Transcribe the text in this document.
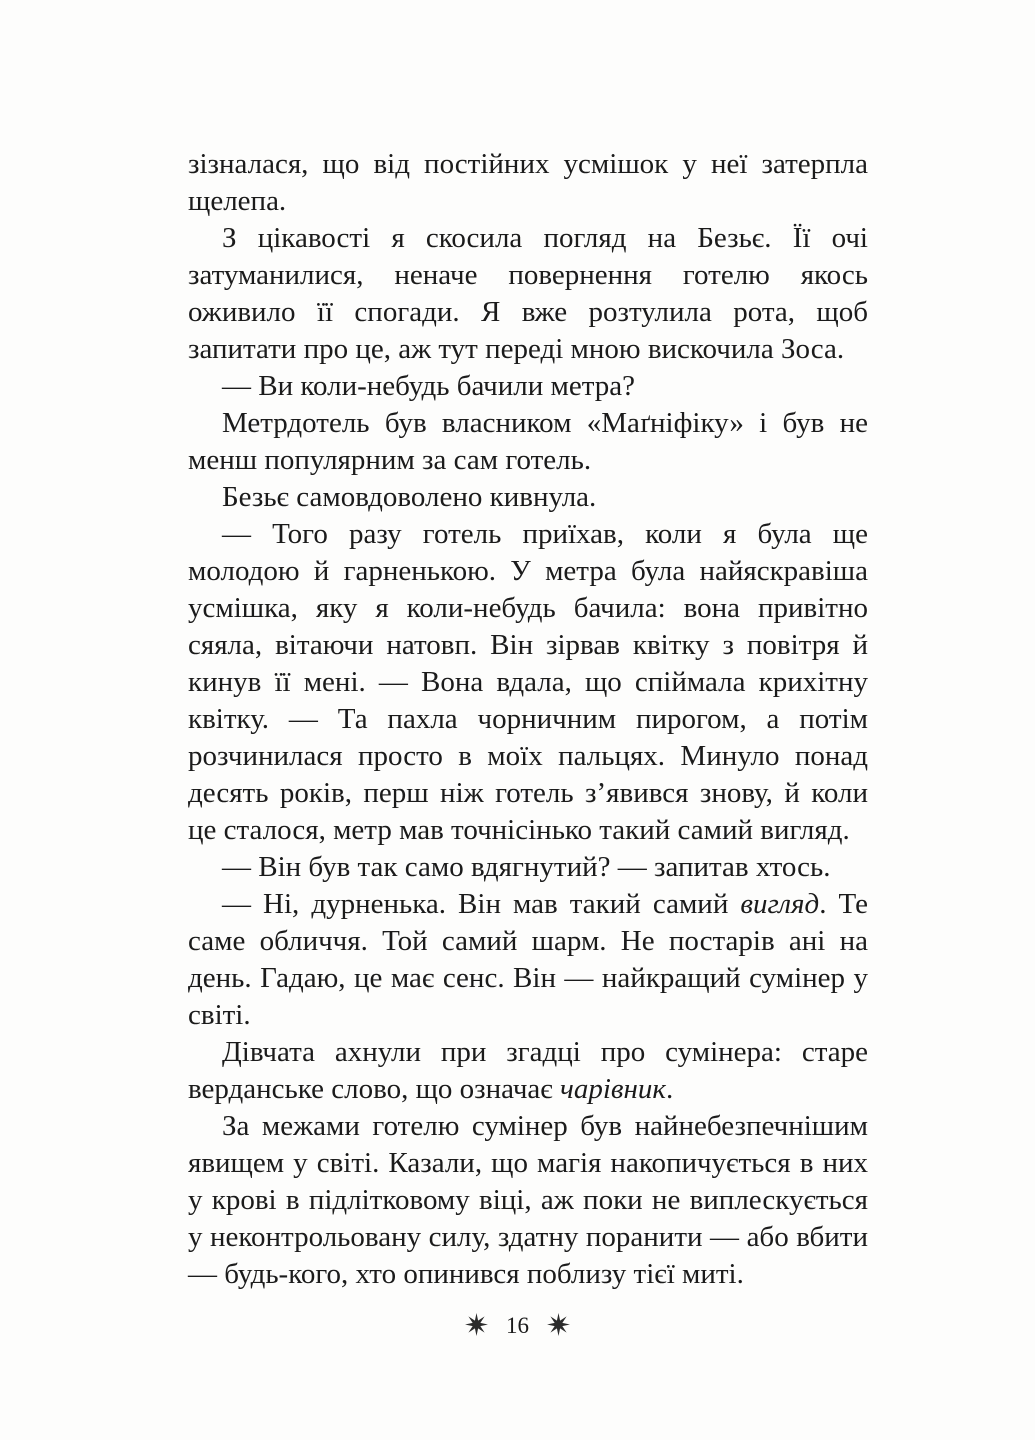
зізналася, що від постійних усмішок у неї затерпла щелепа.

З цікавості я скосила погляд на Безьє. Її очі затуманилися, неначе повернення готелю якось оживило її спогади. Я вже розтулила рота, щоб запитати про це, аж тут переді мною вискочила Зоса.

— Ви коли-небудь бачили метра?

Метрдотель був власником «Маґніфіку» і був не менш популярним за сам готель.

Безьє самовдоволено кивнула.

— Того разу готель приїхав, коли я була ще молодою й гарненькою. У метра була найяскравіша усмішка, яку я коли-небудь бачила: вона привітно сяяла, вітаючи натовп. Він зірвав квітку з повітря й кинув її мені. — Вона вдала, що спіймала крихітну квітку. — Та пахла чорничним пирогом, а потім розчинилася просто в моїх пальцях. Минуло понад десять років, перш ніж готель з’явився знову, й коли це сталося, метр мав точнісінько такий самий вигляд.

— Він був так само вдягнутий? — запитав хтось.

— Ні, дурненька. Він мав такий самий вигляд. Те саме обличчя. Той самий шарм. Не постарів ані на день. Гадаю, це має сенс. Він — найкращий сумінер у світі.

Дівчата ахнули при згадці про сумінера: старе верданське слово, що означає чарівник.

За межами готелю сумінер був найнебезпечнішим явищем у світі. Казали, що магія накопичується в них у крові в підлітковому віці, аж поки не виплескується у неконтрольовану силу, здатну поранити — або вбити — будь-кого, хто опинився поблизу тієї миті.

16
